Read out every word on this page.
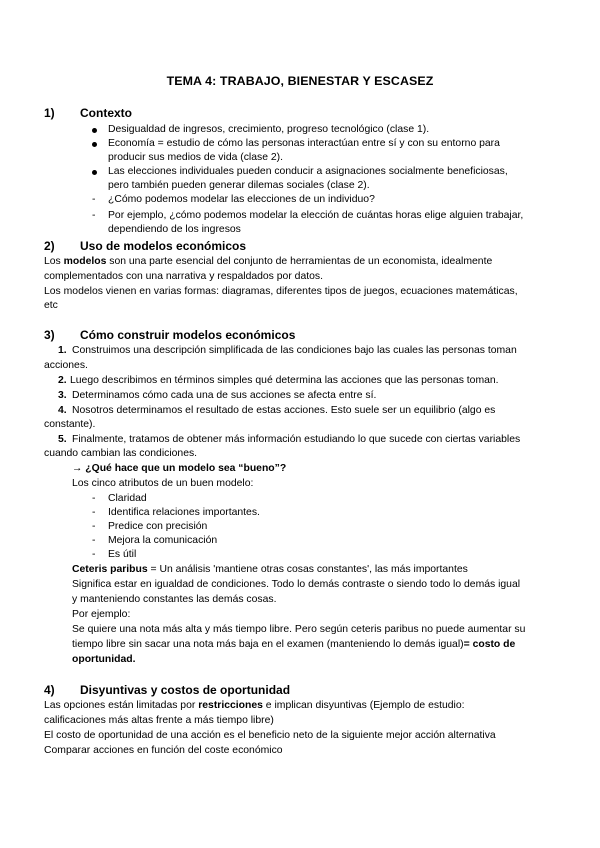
TEMA 4: TRABAJO, BIENESTAR Y ESCASEZ
1) Contexto
Desigualdad de ingresos, crecimiento, progreso tecnológico (clase 1).
Economía = estudio de cómo las personas interactúan entre sí y con su entorno para
producir sus medios de vida (clase 2).
Las elecciones individuales pueden conducir a asignaciones socialmente beneficiosas,
pero también pueden generar dilemas sociales (clase 2).
- ¿Cómo podemos modelar las elecciones de un individuo?
- Por ejemplo, ¿cómo podemos modelar la elección de cuántas horas elige alguien trabajar,
dependiendo de los ingresos
2) Uso de modelos económicos
Los modelos son una parte esencial del conjunto de herramientas de un economista, idealmente
complementados con una narrativa y respaldados por datos.
Los modelos vienen en varias formas: diagramas, diferentes tipos de juegos, ecuaciones matemáticas,
etc
3) Cómo construir modelos económicos
1. Construimos una descripción simplificada de las condiciones bajo las cuales las personas toman
acciones.
2. Luego describimos en términos simples qué determina las acciones que las personas toman.
3. Determinamos cómo cada una de sus acciones se afecta entre sí.
4. Nosotros determinamos el resultado de estas acciones. Esto suele ser un equilibrio (algo es
constante).
5. Finalmente, tratamos de obtener más información estudiando lo que sucede con ciertas variables
cuando cambian las condiciones.
→ ¿Qué hace que un modelo sea “bueno”?
Los cinco atributos de un buen modelo:
- Claridad
- Identifica relaciones importantes.
- Predice con precisión
- Mejora la comunicación
- Es útil
Ceteris paribus = Un análisis 'mantiene otras cosas constantes', las más importantes
Significa estar en igualdad de condiciones. Todo lo demás contraste o siendo todo lo demás igual
y manteniendo constantes las demás cosas.
Por ejemplo:
Se quiere una nota más alta y más tiempo libre. Pero según ceteris paribus no puede aumentar su
tiempo libre sin sacar una nota más baja en el examen (manteniendo lo demás igual)= costo de
oportunidad.
4) Disyuntivas y costos de oportunidad
Las opciones están limitadas por restricciones e implican disyuntivas (Ejemplo de estudio:
calificaciones más altas frente a más tiempo libre)
El costo de oportunidad de una acción es el beneficio neto de la siguiente mejor acción alternativa
Comparar acciones en función del coste económico
